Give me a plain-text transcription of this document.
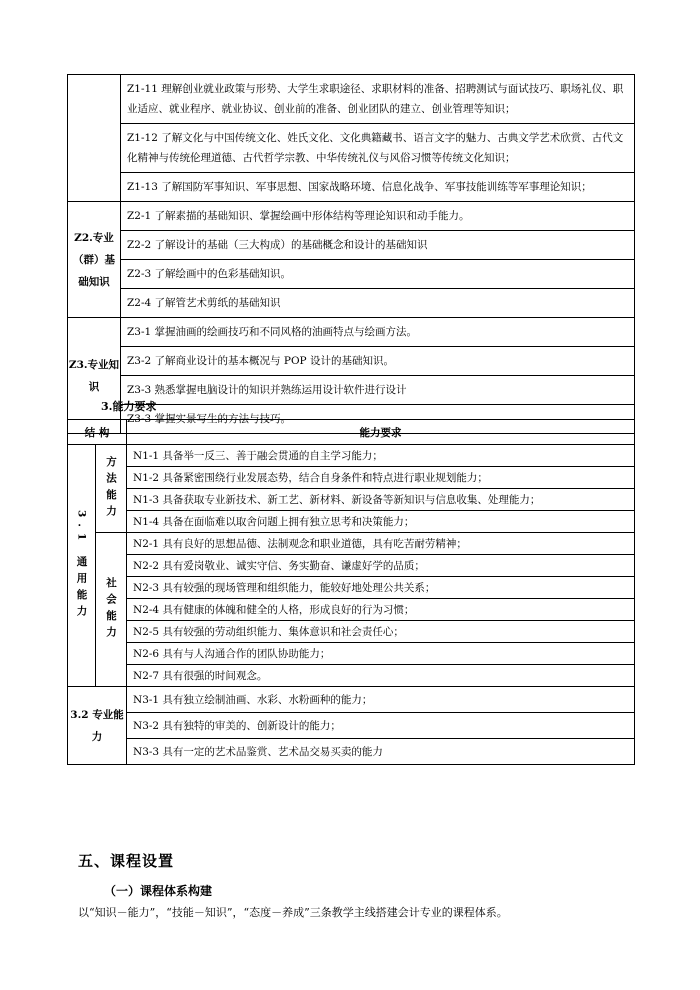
	Z1-11 理解创业就业政策与形势、大学生求职途径、求职材料的准备、招聘测试与面试技巧、职场礼仪、职业适应、就业程序、就业协议、创业前的准备、创业团队的建立、创业管理等知识；
	Z1-12 了解文化与中国传统文化、姓氏文化、文化典籍藏书、语言文字的魅力、古典文学艺术欣赏、古代文化精神与传统伦理道德、古代哲学宗教、中华传统礼仪与风俗习惯等传统文化知识；
	Z1-13 了解国防军事知识、军事思想、国家战略环境、信息化战争、军事技能训练等军事理论知识；

Z2.专业（群）基础知识	Z2-1 了解素描的基础知识、掌握绘画中形体结构等理论知识和动手能力。
	Z2-2 了解设计的基础（三大构成）的基础概念和设计的基础知识
	Z2-3 了解绘画中的色彩基础知识。
	Z2-4 了解管艺术剪纸的基础知识

Z3.专业知识	Z3-1 掌握油画的绘画技巧和不同风格的油画特点与绘画方法。
	Z3-2 了解商业设计的基本概况与 POP 设计的基础知识。
	Z3-3 熟悉掌握电脑设计的知识并熟练运用设计软件进行设计
	Z3-3 掌握实景写生的方法与技巧。
3.能力要求
结 构		能力要求

3.1 通用能力	方法能力	N1-1 具备举一反三、善于融会贯通的自主学习能力；
		N1-2 具备紧密围绕行业发展态势，结合自身条件和特点进行职业规划能力；
		N1-3 具备获取专业新技术、新工艺、新材料、新设备等新知识与信息收集、处理能力；
		N1-4 具备在面临难以取舍问题上拥有独立思考和决策能力；

	社会能力	N2-1 具有良好的思想品德、法制观念和职业道德，具有吃苦耐劳精神；
		N2-2 具有爱岗敬业、诚实守信、务实勤奋、谦虚好学的品质；
		N2-3 具有较强的现场管理和组织能力，能较好地处理公共关系；
		N2-4 具有健康的体魄和健全的人格，形成良好的行为习惯；
		N2-5 具有较强的劳动组织能力、集体意识和社会责任心；
		N2-6 具有与人沟通合作的团队协助能力；
		N2-7 具有很强的时间观念。

3.2 专业能力		N3-1 具有独立绘制油画、水彩、水粉画种的能力；
		N3-2 具有独特的审美的、创新设计的能力；
		N3-3 具有一定的艺术品鉴赏、艺术品交易买卖的能力
五、课程设置
（一）课程体系构建
以“知识－能力”，“技能－知识”，“态度－养成”三条教学主线搭建会计专业的课程体系。
